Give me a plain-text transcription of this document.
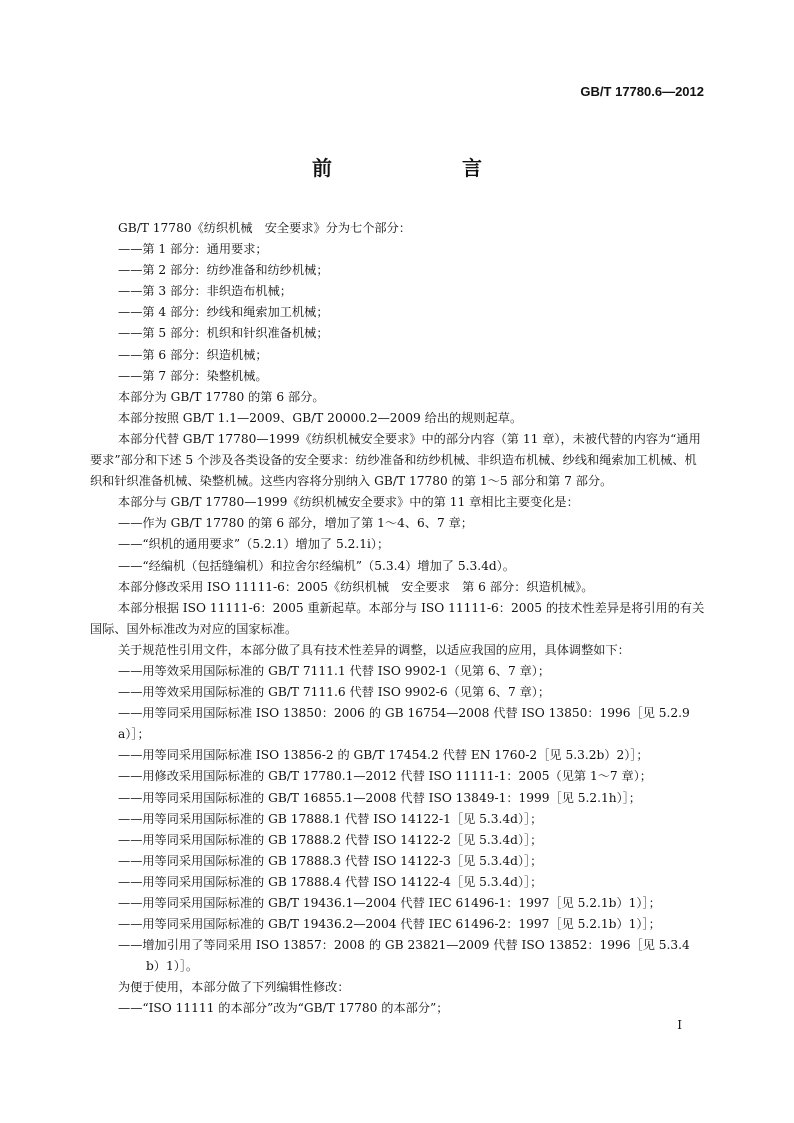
GB/T 17780.6—2012
前　　言

GB/T 17780《纺织机械　安全要求》分为七个部分：

——第 1 部分：通用要求；

——第 2 部分：纺纱准备和纺纱机械；

——第 3 部分：非织造布机械；

——第 4 部分：纱线和绳索加工机械；

——第 5 部分：机织和针织准备机械；

——第 6 部分：织造机械；

——第 7 部分：染整机械。

本部分为 GB/T 17780 的第 6 部分。

本部分按照 GB/T 1.1—2009、GB/T 20000.2—2009 给出的规则起草。

本部分代替 GB/T 17780—1999《纺织机械安全要求》中的部分内容（第 11 章），未被代替的内容为“通用要求”部分和下述 5 个涉及各类设备的安全要求：纺纱准备和纺纱机械、非织造布机械、纱线和绳索加工机械、机织和针织准备机械、染整机械。这些内容将分别纳入 GB/T 17780 的第 1～5 部分和第 7 部分。

本部分与 GB/T 17780—1999《纺织机械安全要求》中的第 11 章相比主要变化是：

——作为 GB/T 17780 的第 6 部分，增加了第 1～4、6、7 章；

——“织机的通用要求”（5.2.1）增加了 5.2.1i）；

——“经编机（包括缝编机）和拉舍尔经编机”（5.3.4）增加了 5.3.4d）。

本部分修改采用 ISO 11111-6：2005《纺织机械　安全要求　第 6 部分：织造机械》。

本部分根据 ISO 11111-6：2005 重新起草。本部分与 ISO 11111-6：2005 的技术性差异是将引用的有关国际、国外标准改为对应的国家标准。

关于规范性引用文件，本部分做了具有技术性差异的调整，以适应我国的应用，具体调整如下：

——用等效采用国际标准的 GB/T 7111.1 代替 ISO 9902-1（见第 6、7 章）；

——用等效采用国际标准的 GB/T 7111.6 代替 ISO 9902-6（见第 6、7 章）；

——用等同采用国际标准 ISO 13850：2006 的 GB 16754—2008 代替 ISO 13850：1996［见 5.2.9 a）］；

——用等同采用国际标准 ISO 13856-2 的 GB/T 17454.2 代替 EN 1760-2［见 5.3.2b）2）］；

——用修改采用国际标准的 GB/T 17780.1—2012 代替 ISO 11111-1：2005（见第 1～7 章）；

——用等同采用国际标准的 GB/T 16855.1—2008 代替 ISO 13849-1：1999［见 5.2.1h）］；

——用等同采用国际标准的 GB 17888.1 代替 ISO 14122-1［见 5.3.4d）］；

——用等同采用国际标准的 GB 17888.2 代替 ISO 14122-2［见 5.3.4d）］；

——用等同采用国际标准的 GB 17888.3 代替 ISO 14122-3［见 5.3.4d）］；

——用等同采用国际标准的 GB 17888.4 代替 ISO 14122-4［见 5.3.4d）］；

——用等同采用国际标准的 GB/T 19436.1—2004 代替 IEC 61496-1：1997［见 5.2.1b）1）］；

——用等同采用国际标准的 GB/T 19436.2—2004 代替 IEC 61496-2：1997［见 5.2.1b）1）］；

——增加引用了等同采用 ISO 13857：2008 的 GB 23821—2009 代替 ISO 13852：1996［见 5.3.4 b）1）］。

为便于使用，本部分做了下列编辑性修改：

——“ISO 11111 的本部分”改为“GB/T 17780 的本部分”；

I
